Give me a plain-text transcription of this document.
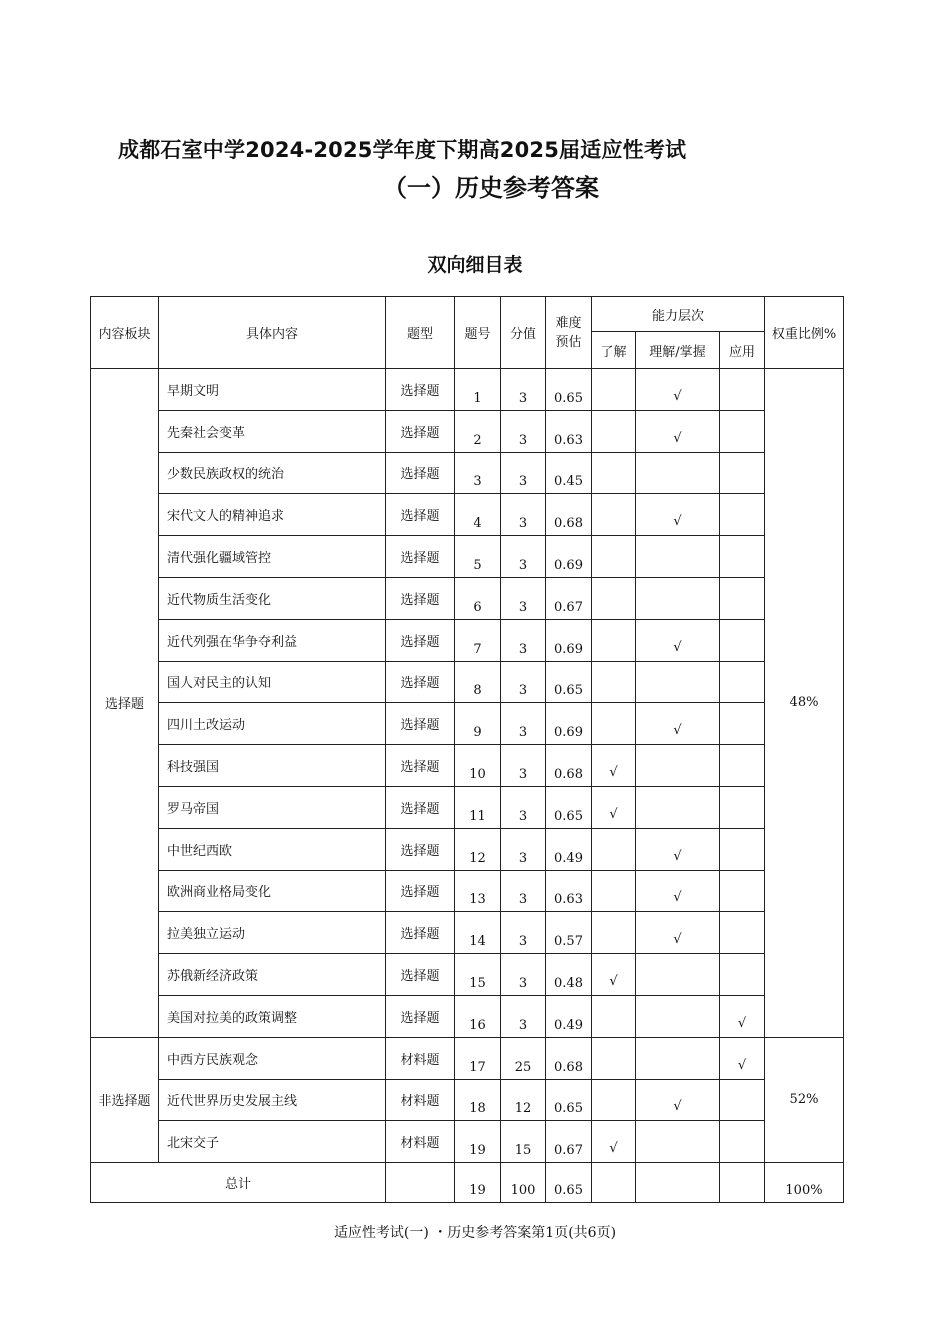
成都石室中学2024-2025学年度下期高2025届适应性考试
（一）历史参考答案
双向细目表
内容板块	具体内容	题型	题号	分值	难度
预估	能力层次			权重比例%
						了解	理解/掌握	应用	
选择题	早期文明	选择题	1	3	0.65		√		48%
	先秦社会变革	选择题	2	3	0.63		√		
	少数民族政权的统治	选择题	3	3	0.45				
	宋代文人的精神追求	选择题	4	3	0.68		√		
	清代强化疆域管控	选择题	5	3	0.69				
	近代物质生活变化	选择题	6	3	0.67				
	近代列强在华争夺利益	选择题	7	3	0.69		√		
	国人对民主的认知	选择题	8	3	0.65				
	四川土改运动	选择题	9	3	0.69		√		
	科技强国	选择题	10	3	0.68	√			
	罗马帝国	选择题	11	3	0.65	√			
	中世纪西欧	选择题	12	3	0.49		√		
	欧洲商业格局变化	选择题	13	3	0.63		√		
	拉美独立运动	选择题	14	3	0.57		√		
	苏俄新经济政策	选择题	15	3	0.48	√			
	美国对拉美的政策调整	选择题	16	3	0.49			√	
非选择题	中西方民族观念	材料题	17	25	0.68			√	52%
	近代世界历史发展主线	材料题	18	12	0.65		√		
	北宋交子	材料题	19	15	0.67	√			
总计			19	100	0.65				100%
适应性考试(一) ・历史参考答案第1页(共6页)
